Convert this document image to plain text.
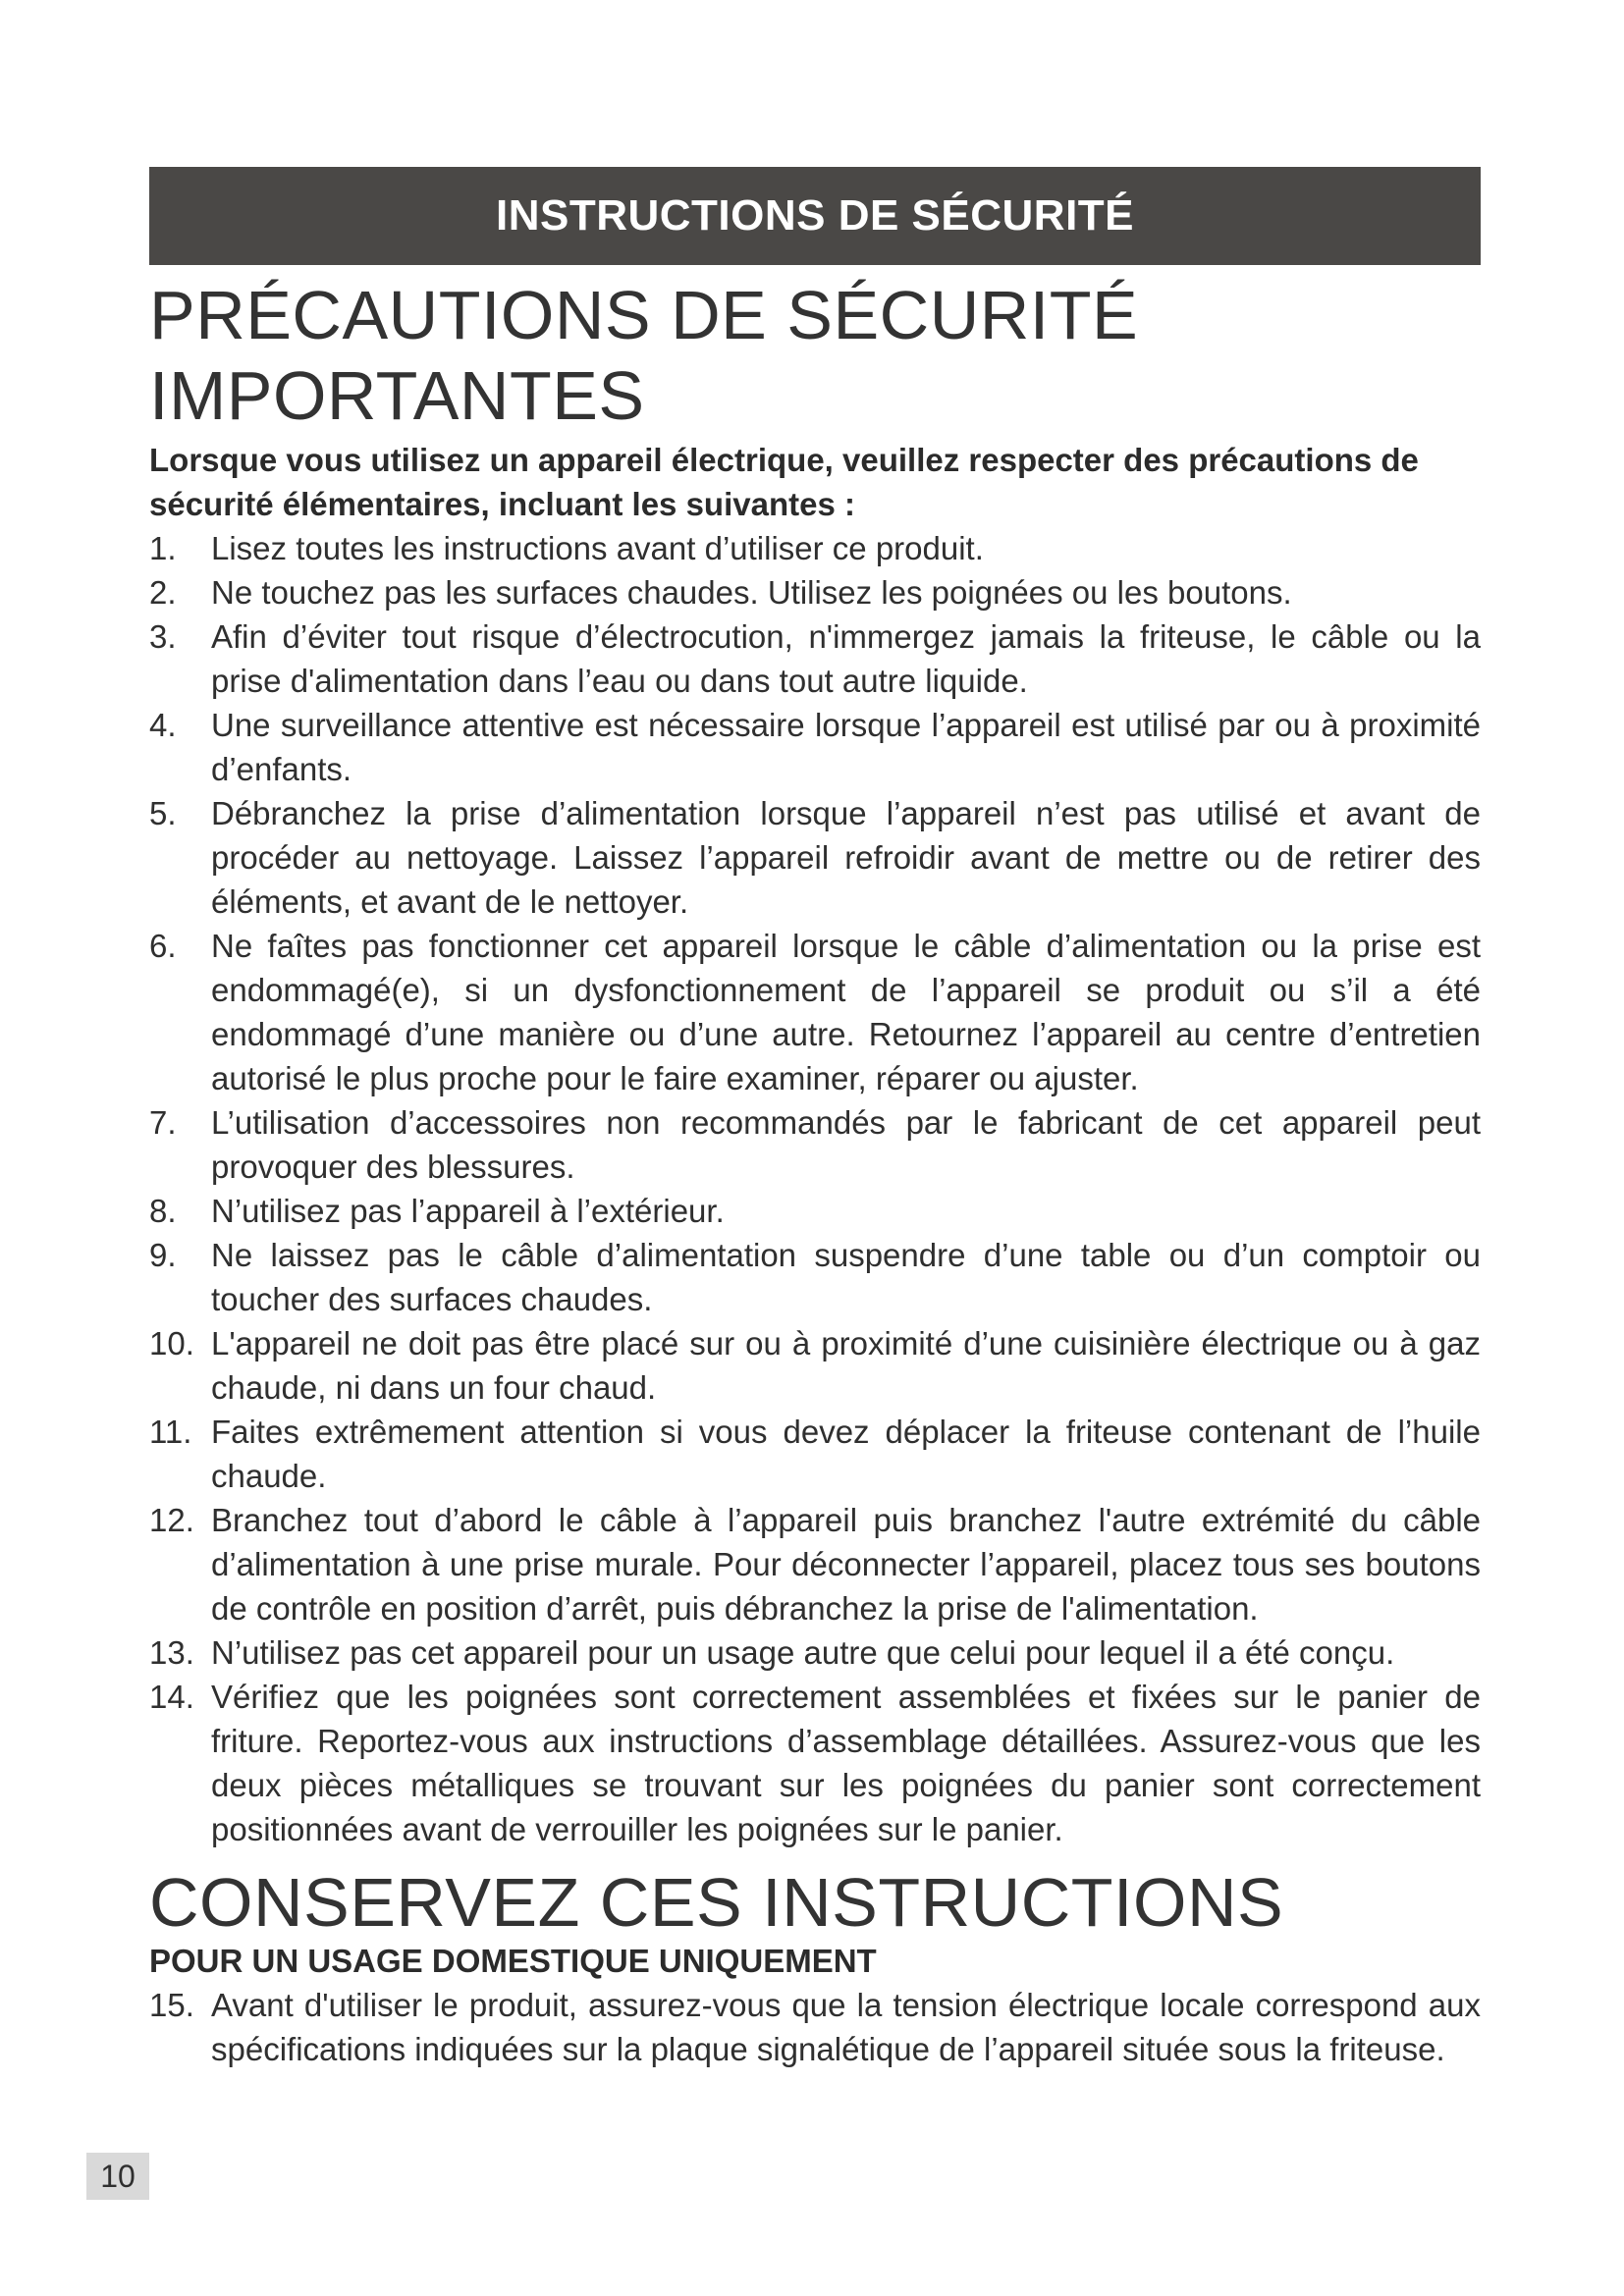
INSTRUCTIONS DE SÉCURITÉ
PRÉCAUTIONS DE SÉCURITÉ
IMPORTANTES

Lorsque vous utilisez un appareil électrique, veuillez respecter des précautions de sécurité élémentaires, incluant les suivantes :

1. Lisez toutes les instructions avant d’utiliser ce produit.
2. Ne touchez pas les surfaces chaudes. Utilisez les poignées ou les boutons.
3. Afin d’éviter tout risque d’électrocution, n'immergez jamais la friteuse, le câble ou la prise d'alimentation dans l’eau ou dans tout autre liquide.
4. Une surveillance attentive est nécessaire lorsque l’appareil est utilisé par ou à proximité d’enfants.
5. Débranchez la prise d’alimentation lorsque l’appareil n’est pas utilisé et avant de procéder au nettoyage. Laissez l’appareil refroidir avant de mettre ou de retirer des éléments, et avant de le nettoyer.
6. Ne faîtes pas fonctionner cet appareil lorsque le câble d’alimentation ou la prise est endommagé(e), si un dysfonctionnement de l’appareil se produit ou s’il a été endommagé d’une manière ou d’une autre. Retournez l’appareil au centre d’entretien autorisé le plus proche pour le faire examiner, réparer ou ajuster.
7. L’utilisation d’accessoires non recommandés par le fabricant de cet appareil peut provoquer des blessures.
8. N’utilisez pas l’appareil à l’extérieur.
9. Ne laissez pas le câble d’alimentation suspendre d’une table ou d’un comptoir ou toucher des surfaces chaudes.
10. L'appareil ne doit pas être placé sur ou à proximité d’une cuisinière électrique ou à gaz chaude, ni dans un four chaud.
11. Faites extrêmement attention si vous devez déplacer la friteuse contenant de l’huile chaude.
12. Branchez tout d’abord le câble à l’appareil puis branchez l'autre extrémité du câble d’alimentation à une prise murale. Pour déconnecter l’appareil, placez tous ses boutons de contrôle en position d’arrêt, puis débranchez la prise de l'alimentation.
13. N’utilisez pas cet appareil pour un usage autre que celui pour lequel il a été conçu.
14. Vérifiez que les poignées sont correctement assemblées et fixées sur le panier de friture. Reportez-vous aux instructions d’assemblage détaillées. Assurez-vous que les deux pièces métalliques se trouvant sur les poignées du panier sont correctement positionnées avant de verrouiller les poignées sur le panier.
CONSERVEZ CES INSTRUCTIONS

POUR UN USAGE DOMESTIQUE UNIQUEMENT

15. Avant d'utiliser le produit, assurez-vous que la tension électrique locale correspond aux spécifications indiquées sur la plaque signalétique de l’appareil située sous la friteuse.
10
